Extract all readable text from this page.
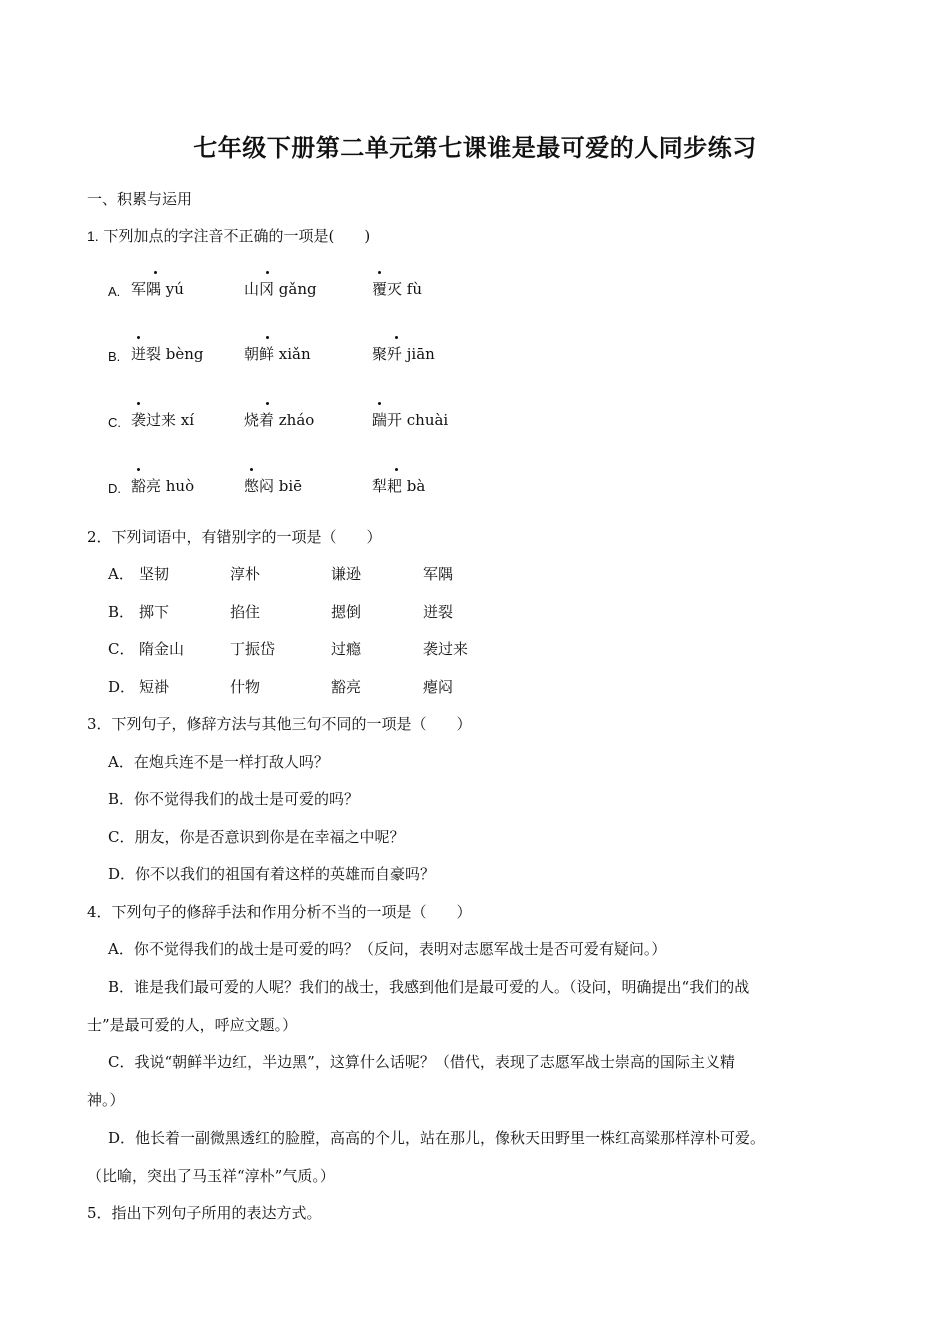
七年级下册第二单元第七课谁是最可爱的人同步练习
一、积累与运用
1. 下列加点的字注音不正确的一项是(　　)
A. 军隅 yú	山冈 gǎng	覆灭 fù
B. 迸裂 bèng	朝鲜 xiǎn	聚歼 jiān
C. 袭过来 xí	烧着 zháo	踹开 chuài
D. 豁亮 huò	憋闷 biē	犁耙 bà
2．下列词语中，有错别字的一项是（　　）
A． 坚韧	淳朴	谦逊	军隅
B． 掷下	掐住	摁倒	迸裂
C． 隋金山	丁振岱	过瘾	袭过来
D． 短褂	什物	豁亮	瘪闷
3．下列句子，修辞方法与其他三句不同的一项是（　　）
A．在炮兵连不是一样打敌人吗？
B．你不觉得我们的战士是可爱的吗？
C．朋友，你是否意识到你是在幸福之中呢？
D．你不以我们的祖国有着这样的英雄而自豪吗？
4．下列句子的修辞手法和作用分析不当的一项是（　　）
A．你不觉得我们的战士是可爱的吗？（反问，表明对志愿军战士是否可爱有疑问。）
B．谁是我们最可爱的人呢？我们的战士，我感到他们是最可爱的人。（设问，明确提出“我们的战
士”是最可爱的人，呼应文题。）
C．我说“朝鲜半边红，半边黑”，这算什么话呢？（借代，表现了志愿军战士崇高的国际主义精
神。）
D．他长着一副微黑透红的脸膛，高高的个儿，站在那儿，像秋天田野里一株红高粱那样淳朴可爱。
（比喻，突出了马玉祥“淳朴”气质。）
5．指出下列句子所用的表达方式。
